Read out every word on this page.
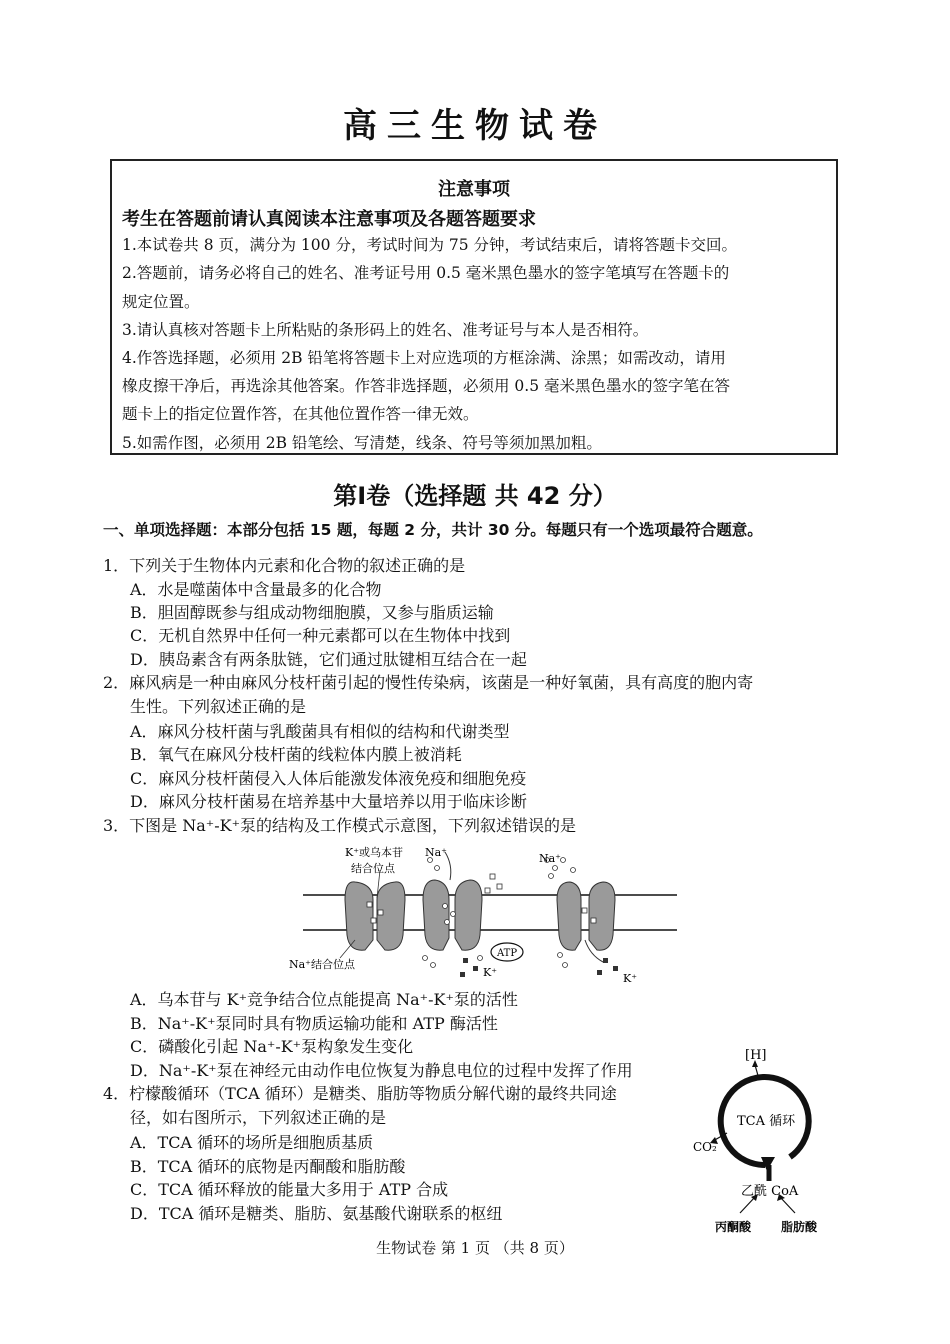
高三生物试卷
注意事项
考生在答题前请认真阅读本注意事项及各题答题要求
1.本试卷共 8 页，满分为 100 分，考试时间为 75 分钟，考试结束后，请将答题卡交回。
2.答题前，请务必将自己的姓名、准考证号用 0.5 毫米黑色墨水的签字笔填写在答题卡的
规定位置。
3.请认真核对答题卡上所粘贴的条形码上的姓名、准考证号与本人是否相符。
4.作答选择题，必须用 2B 铅笔将答题卡上对应选项的方框涂满、涂黑；如需改动，请用
橡皮擦干净后，再选涂其他答案。作答非选择题，必须用 0.5 毫米黑色墨水的签字笔在答
题卡上的指定位置作答，在其他位置作答一律无效。
5.如需作图，必须用 2B 铅笔绘、写清楚，线条、符号等须加黑加粗。
第Ⅰ卷（选择题 共 42 分）
一、单项选择题：本部分包括 15 题，每题 2 分，共计 30 分。每题只有一个选项最符合题意。
1．下列关于生物体内元素和化合物的叙述正确的是
A．水是噬菌体中含量最多的化合物
B．胆固醇既参与组成动物细胞膜，又参与脂质运输
C．无机自然界中任何一种元素都可以在生物体中找到
D．胰岛素含有两条肽链，它们通过肽键相互结合在一起
2．麻风病是一种由麻风分枝杆菌引起的慢性传染病，该菌是一种好氧菌，具有高度的胞内寄
生性。下列叙述正确的是
A．麻风分枝杆菌与乳酸菌具有相似的结构和代谢类型
B．氧气在麻风分枝杆菌的线粒体内膜上被消耗
C．麻风分枝杆菌侵入人体后能激发体液免疫和细胞免疫
D．麻风分枝杆菌易在培养基中大量培养以用于临床诊断
3．下图是 Na⁺-K⁺泵的结构及工作模式示意图，下列叙述错误的是
K⁺或乌本苷
结合位点
Na⁺	Na⁺
Na⁺结合位点
ATP
K⁺	K⁺
A．乌本苷与 K⁺竞争结合位点能提高 Na⁺-K⁺泵的活性
B．Na⁺-K⁺泵同时具有物质运输功能和 ATP 酶活性
C．磷酸化引起 Na⁺-K⁺泵构象发生变化
D．Na⁺-K⁺泵在神经元由动作电位恢复为静息电位的过程中发挥了作用
4．柠檬酸循环（TCA 循环）是糖类、脂肪等物质分解代谢的最终共同途
径，如右图所示，下列叙述正确的是
A．TCA 循环的场所是细胞质基质
B．TCA 循环的底物是丙酮酸和脂肪酸
C．TCA 循环释放的能量大多用于 ATP 合成
D．TCA 循环是糖类、脂肪、氨基酸代谢联系的枢纽
[H]
TCA 循环
CO₂
乙酰 CoA
丙酮酸 脂肪酸
生物试卷 第 1 页 （共 8 页）
